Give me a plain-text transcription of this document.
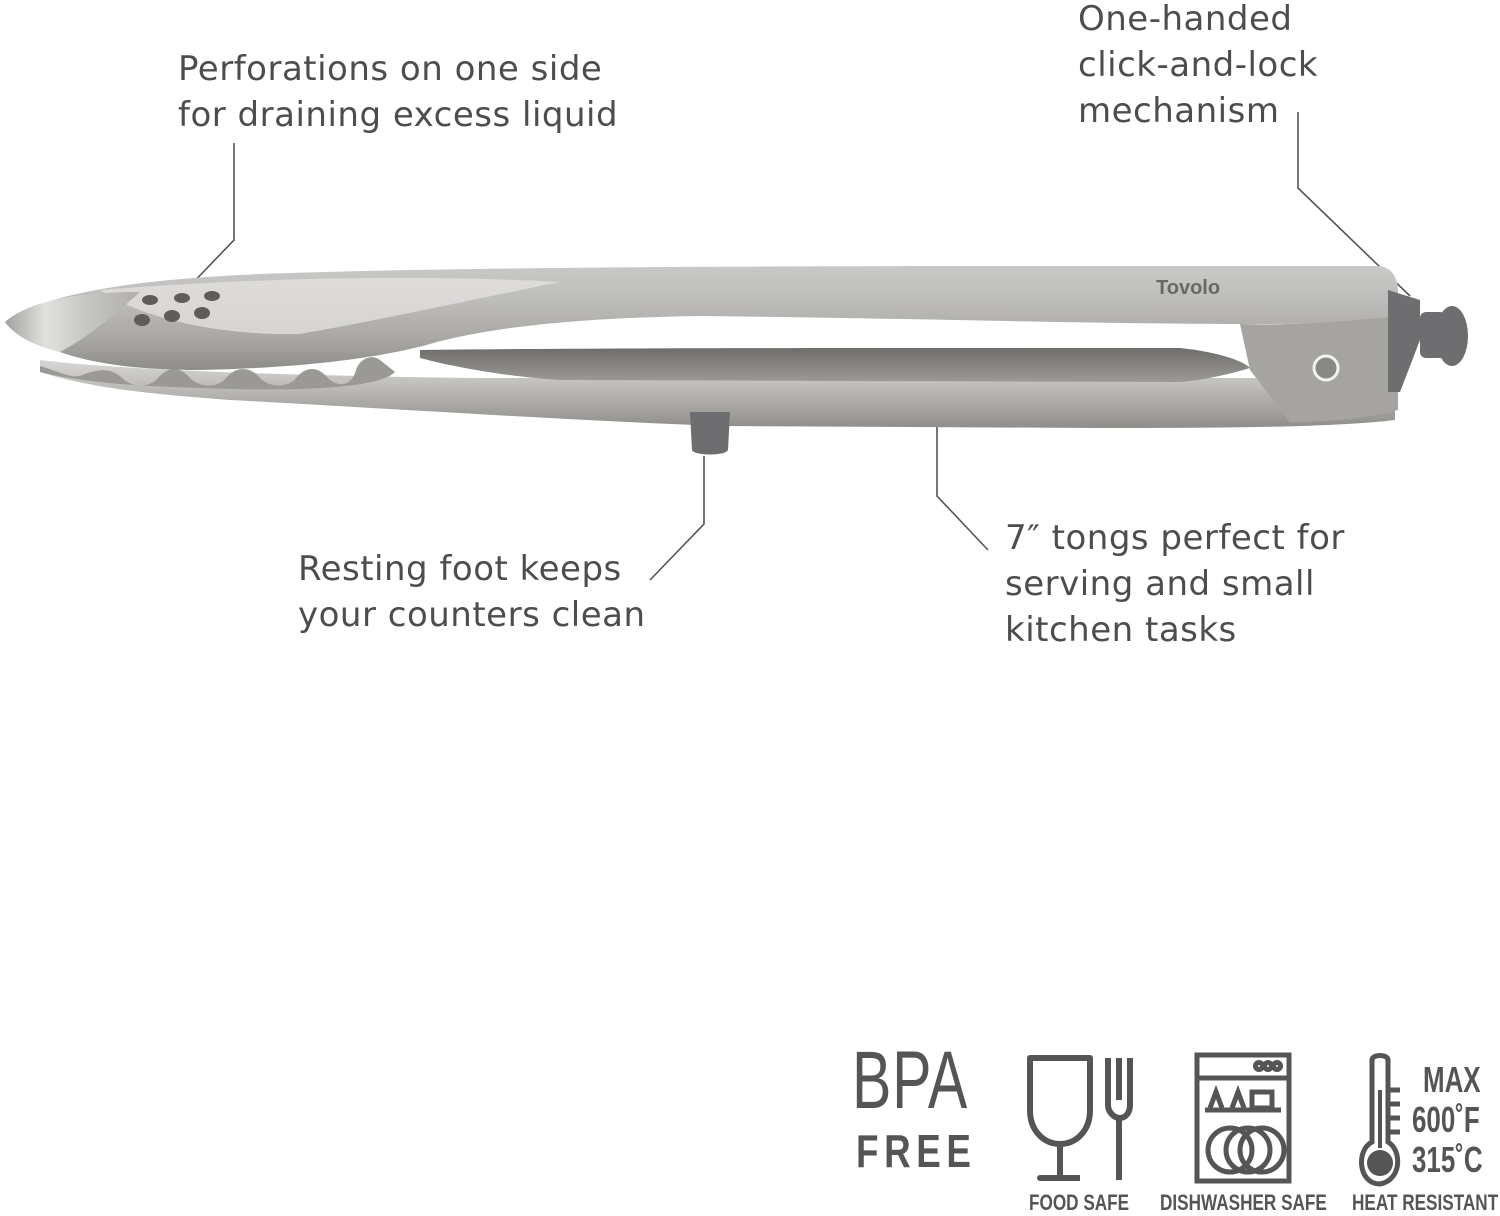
Tovolo
Perforations on one side
for draining excess liquid
One-handed
click-and-lock
mechanism
Resting foot keeps
your counters clean
7″ tongs perfect for
serving and small
kitchen tasks
BPA
FREE
FOOD SAFE DISHWASHER SAFE HEAT RESISTANT
MAX
600˚F
315˚C
